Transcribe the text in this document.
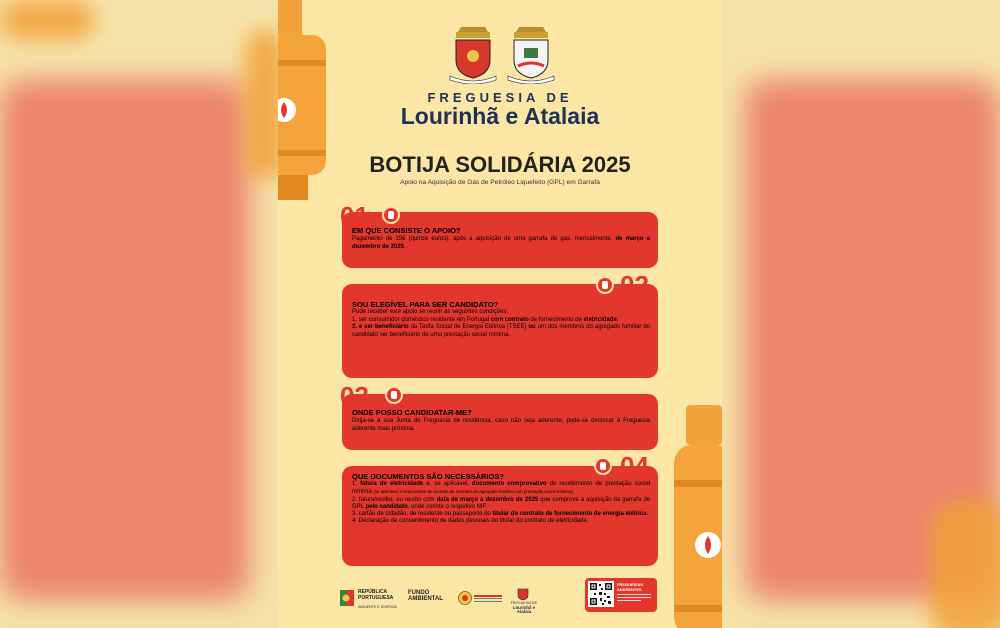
FREGUESIA DE
Lourinhã e Atalaia
BOTIJA SOLIDÁRIA 2025
Apoio na Aquisição de Gás de Petróleo Liquefeito (GPL) em Garrafa
01
EM QUE CONSISTE O APOIO?
Pagamento de 15€ (quinze euros), após a aquisição de uma garrafa de gás, mensalmente, de março a dezembro de 2025.
02
SOU ELEGÍVEL PARA SER CANDIDATO?
Pode receber este apoio se reunir as seguintes condições:
1. ser consumidor doméstico residente em Portugal com contrato de fornecimento de eletricidade;
2. e ser beneficiário da Tarifa Social de Energia Elétrica (TSEE) ou um dos membros do agregado familiar do candidato ser beneficiário de uma prestação social mínima.
03
ONDE POSSO CANDIDATAR-ME?
Dirija-se à sua Junta de Freguesia de residência, caso não seja aderente, pode-se deslocar à Freguesia aderente mais próxima.
04
QUE DOCUMENTOS SÃO NECESSÁRIOS?
1. fatura de eletricidade e, se aplicável, documento comprovativo do recebimento de prestação social mínima (se aplicável, comprovativo de morada de membro do agregado familiar com prestação social mínima).
2. fatura/recibo, ou recibo com data de março a dezembro de 2025 que comprove a aquisição da garrafa de GPL pelo candidato, onde conste o respetivo NIF.
3. cartão de cidadão, de residente ou passaporte do titular do contrato de fornecimento de energia elétrica.
4. Declaração de consentimento de dados pessoais do titular do contrato de eletricidade.
REPÚBLICA
PORTUGUESA
AMBIENTE E ENERGIA
FUNDO
AMBIENTAL
FREGUESIA DE
Lourinhã e Atalaia
FREGUESIAS ADERENTES
